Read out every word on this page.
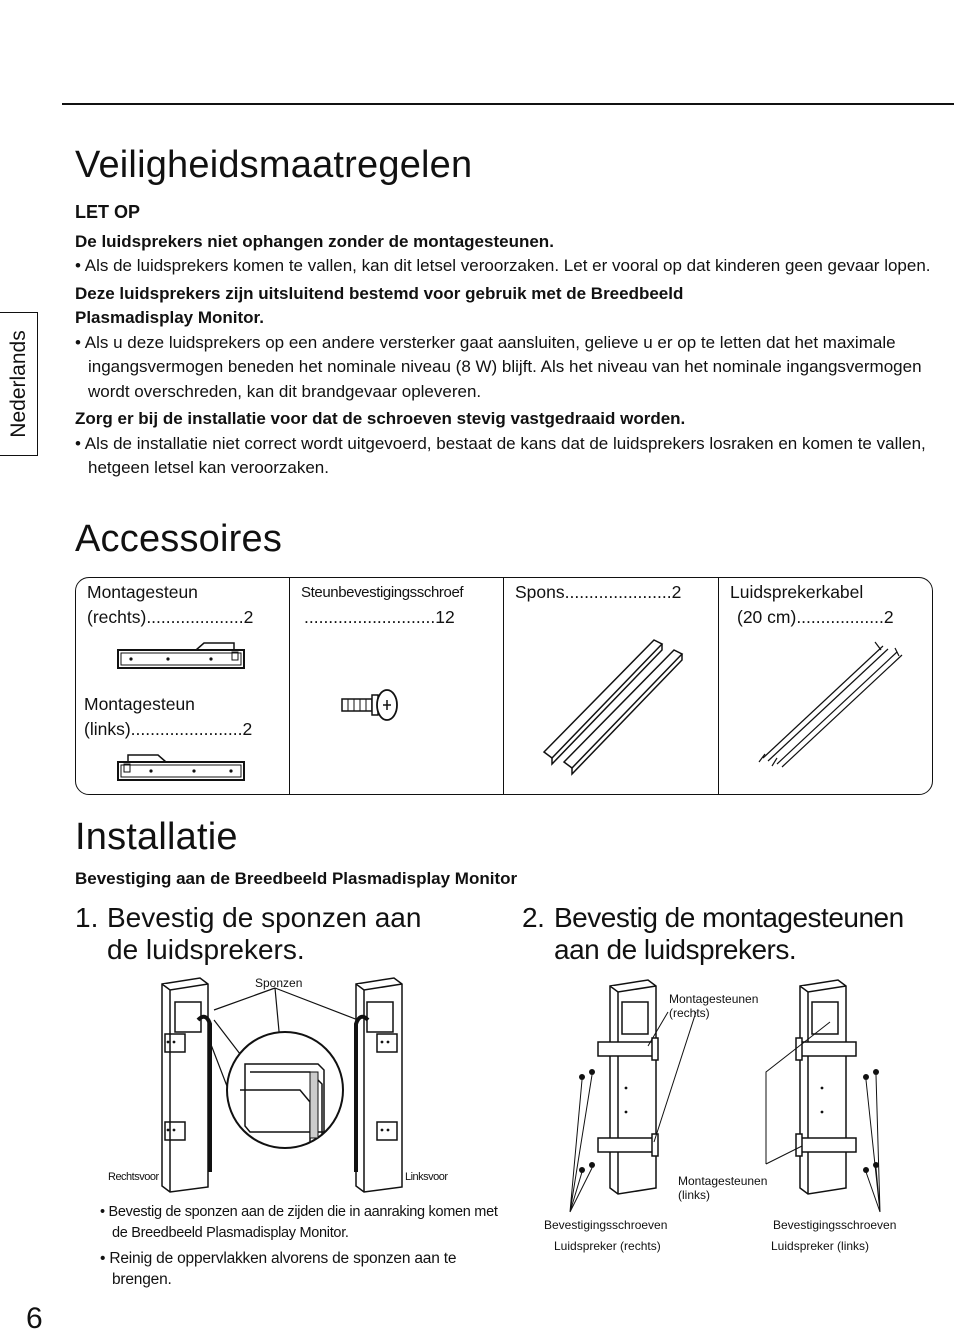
Nederlands
Veiligheidsmaatregelen
LET OP
De luidsprekers niet ophangen zonder de montagesteunen.
• Als de luidsprekers komen te vallen, kan dit letsel veroorzaken. Let er vooral op dat kinderen geen gevaar lopen.
Deze luidsprekers zijn uitsluitend bestemd voor gebruik met de Breedbeeld Plasmadisplay Monitor.
• Als u deze luidsprekers op een andere versterker gaat aansluiten, gelieve u er op te letten dat het maximale ingangsvermogen beneden het nominale niveau (8 W) blijft. Als het niveau van het nominale ingangsvermogen wordt overschreden, kan dit brandgevaar opleveren.
Zorg er bij de installatie voor dat de schroeven stevig vastgedraaid worden.
• Als de installatie niet correct wordt uitgevoerd, bestaat de kans dat de luidsprekers losraken en komen te vallen, hetgeen letsel kan veroorzaken.
Accessoires
Montagesteun
(rechts)....................2
Montagesteun
(links).......................2
Steunbevestigingsschroef
...........................12
Spons......................2	Luidsprekerkabel
(20 cm)..................2
Installatie
Bevestiging aan de Breedbeeld Plasmadisplay Monitor
1. Bevestig de sponzen aan
de luidsprekers.
2. Bevestig de montagesteunen
aan de luidsprekers.
Sponzen
Rechtsvoor	Linksvoor
• Bevestig de sponzen aan de zijden die in aanraking komen met de Breedbeeld Plasmadisplay Monitor.
• Reinig de oppervlakken alvorens de sponzen aan te brengen.
Montagesteunen
(rechts)
Montagesteunen
(links)
Bevestigingsschroeven
Luidspreker (rechts)
Bevestigingsschroeven
Luidspreker (links)
6
